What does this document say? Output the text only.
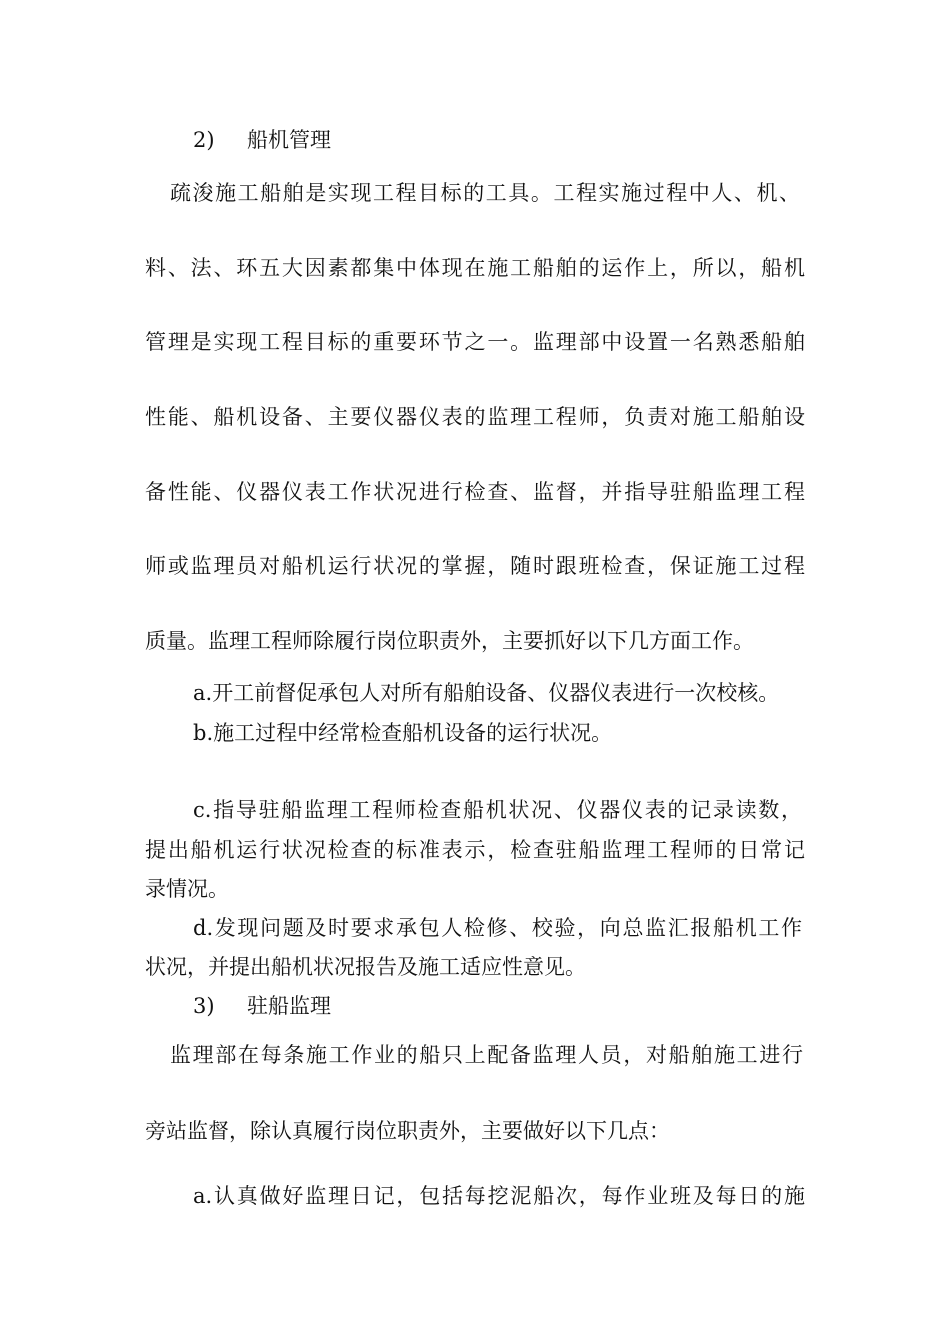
2) 船机管理
疏浚施工船舶是实现工程目标的工具。工程实施过程中人、机、
料、法、环五大因素都集中体现在施工船舶的运作上，所以，船机
管理是实现工程目标的重要环节之一。监理部中设置一名熟悉船舶
性能、船机设备、主要仪器仪表的监理工程师，负责对施工船舶设
备性能、仪器仪表工作状况进行检查、监督，并指导驻船监理工程
师或监理员对船机运行状况的掌握，随时跟班检查，保证施工过程
质量。监理工程师除履行岗位职责外，主要抓好以下几方面工作。
a.开工前督促承包人对所有船舶设备、仪器仪表进行一次校核。
b.施工过程中经常检查船机设备的运行状况。
c.指导驻船监理工程师检查船机状况、仪器仪表的记录读数，
提出船机运行状况检查的标准表示，检查驻船监理工程师的日常记
录情况。
d.发现问题及时要求承包人检修、校验，向总监汇报船机工作
状况，并提出船机状况报告及施工适应性意见。
3) 驻船监理
监理部在每条施工作业的船只上配备监理人员，对船舶施工进行
旁站监督，除认真履行岗位职责外，主要做好以下几点：
a.认真做好监理日记，包括每挖泥船次，每作业班及每日的施
